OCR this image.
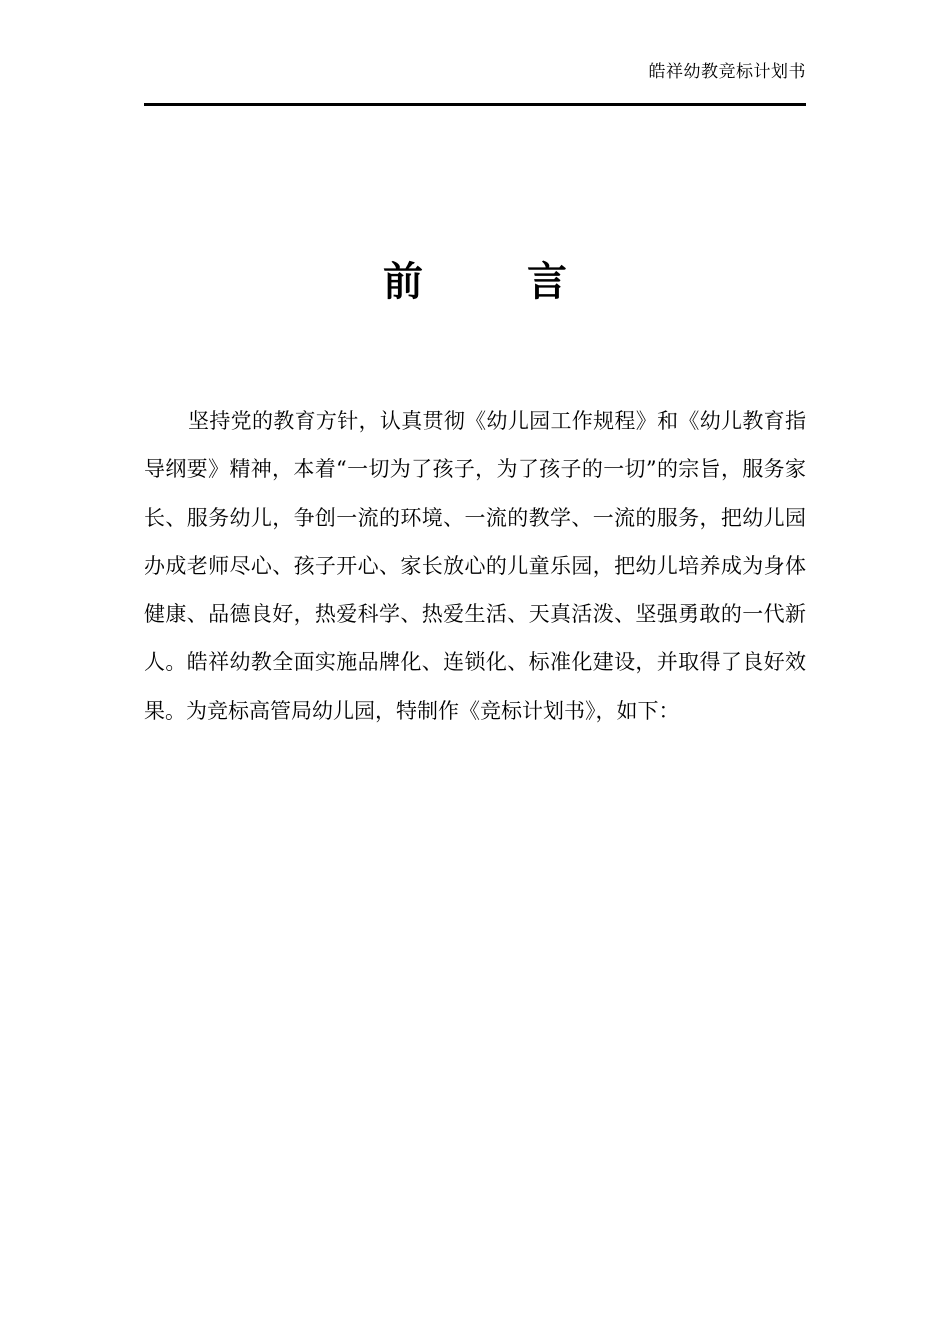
皓祥幼教竞标计划书
前	言

坚持党的教育方针，认真贯彻《幼儿园工作规程》和《幼儿教育指导纲要》精神，本着“一切为了孩子，为了孩子的一切”的宗旨，服务家长、服务幼儿，争创一流的环境、一流的教学、一流的服务，把幼儿园办成老师尽心、孩子开心、家长放心的儿童乐园，把幼儿培养成为身体健康、品德良好，热爱科学、热爱生活、天真活泼、坚强勇敢的一代新人。皓祥幼教全面实施品牌化、连锁化、标准化建设，并取得了良好效果。为竞标高管局幼儿园，特制作《竞标计划书》，如下：
